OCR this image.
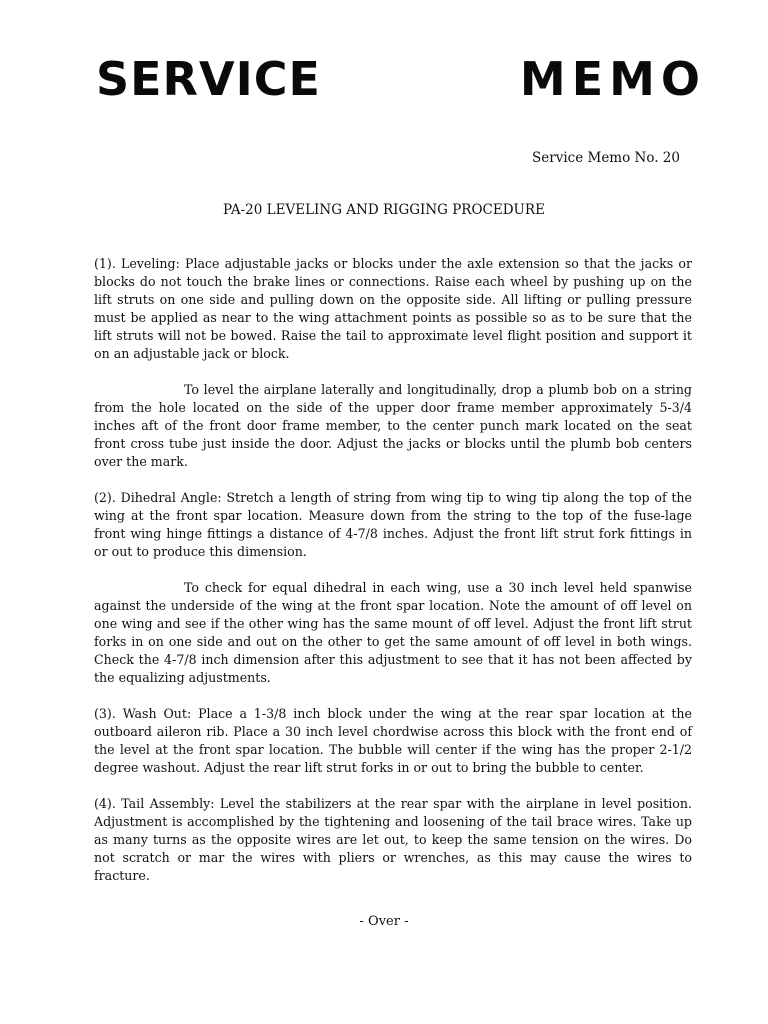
SERVICE	MEMO
Service Memo No. 20
PA-20 LEVELING AND RIGGING PROCEDURE

(1). Leveling: Place adjustable jacks or blocks under the axle extension so that the jacks or blocks do not touch the brake lines or connections. Raise each wheel by pushing up on the lift struts on one side and pulling down on the opposite side. All lifting or pulling pressure must be applied as near to the wing attachment points as possible so as to be sure that the lift struts will not be bowed. Raise the tail to approximate level flight position and support it on an adjustable jack or block.

To level the airplane laterally and longitudinally, drop a plumb bob on a string from the hole located on the side of the upper door frame member approximately 5-3/4 inches aft of the front door frame member, to the center punch mark located on the seat front cross tube just inside the door. Adjust the jacks or blocks until the plumb bob centers over the mark.

(2). Dihedral Angle: Stretch a length of string from wing tip to wing tip along the top of the wing at the front spar location. Measure down from the string to the top of the fuse-lage front wing hinge fittings a distance of 4-7/8 inches. Adjust the front lift strut fork fittings in or out to produce this dimension.

To check for equal dihedral in each wing, use a 30 inch level held spanwise against the underside of the wing at the front spar location. Note the amount of off level on one wing and see if the other wing has the same mount of off level. Adjust the front lift strut forks in on one side and out on the other to get the same amount of off level in both wings. Check the 4-7/8 inch dimension after this adjustment to see that it has not been affected by the equalizing adjustments.

(3). Wash Out: Place a 1-3/8 inch block under the wing at the rear spar location at the outboard aileron rib. Place a 30 inch level chordwise across this block with the front end of the level at the front spar location. The bubble will center if the wing has the proper 2-1/2 degree washout. Adjust the rear lift strut forks in or out to bring the bubble to center.

(4). Tail Assembly: Level the stabilizers at the rear spar with the airplane in level position. Adjustment is accomplished by the tightening and loosening of the tail brace wires. Take up as many turns as the opposite wires are let out, to keep the same tension on the wires. Do not scratch or mar the wires with pliers or wrenches, as this may cause the wires to fracture.

- Over -
